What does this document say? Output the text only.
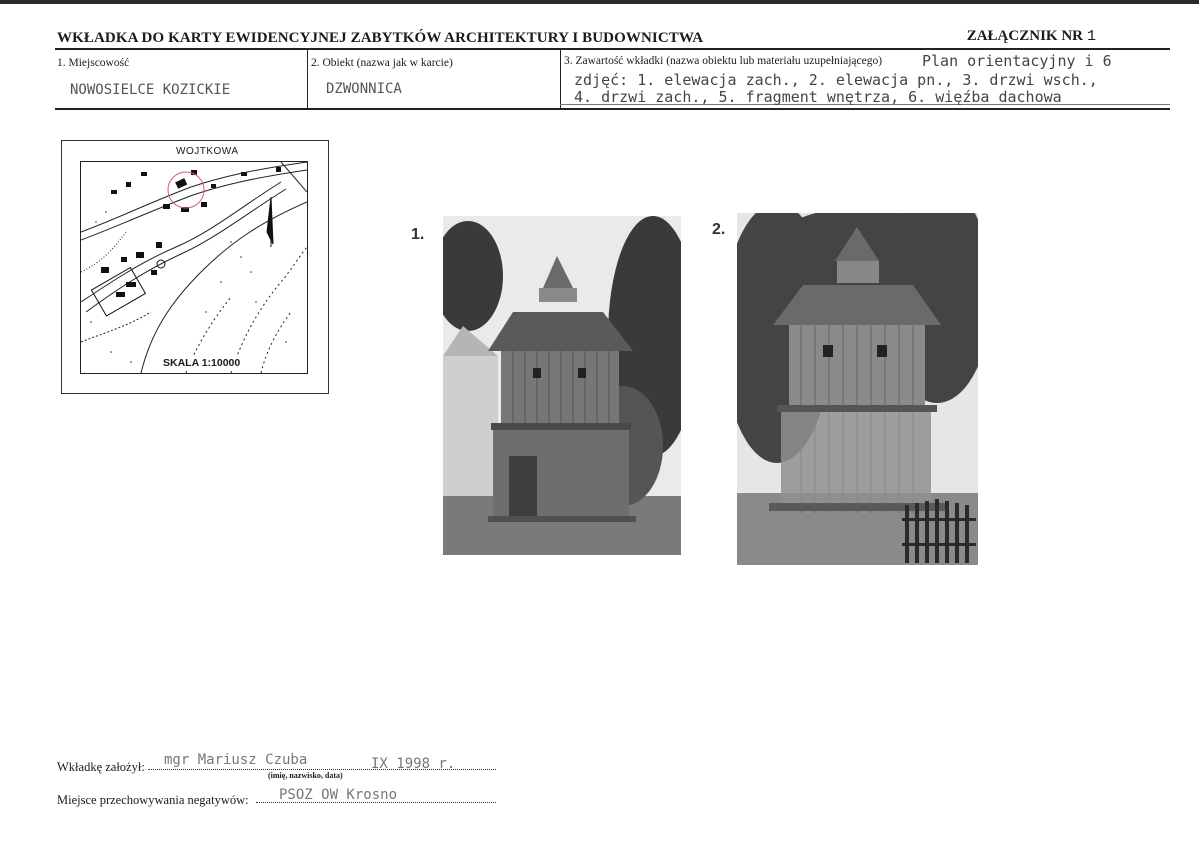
WKŁADKA DO KARTY EWIDENCYJNEJ ZABYTKÓW ARCHITEKTURY I BUDOWNICTWA	ZAŁĄCZNIK NR 1
1. Miejscowość
NOWOSIELCE KOZICKIE
2. Obiekt (nazwa jak w karcie)
DZWONNICA
3. Zawartość wkładki (nazwa obiektu lub materiału uzupełniającego)	Plan orientacyjny i 6
zdjęć: 1. elewacja zach., 2. elewacja pn., 3. drzwi wsch.,
4. drzwi zach., 5. fragment wnętrza, 6. więźba dachowa
WOJTKOWA
SKALA 1:10000
1.	2.
Wkładkę założył: mgr Mariusz Czuba	IX 1998 r.
(imię, nazwisko, data)
Miejsce przechowywania negatywów: PSOZ OW Krosno
